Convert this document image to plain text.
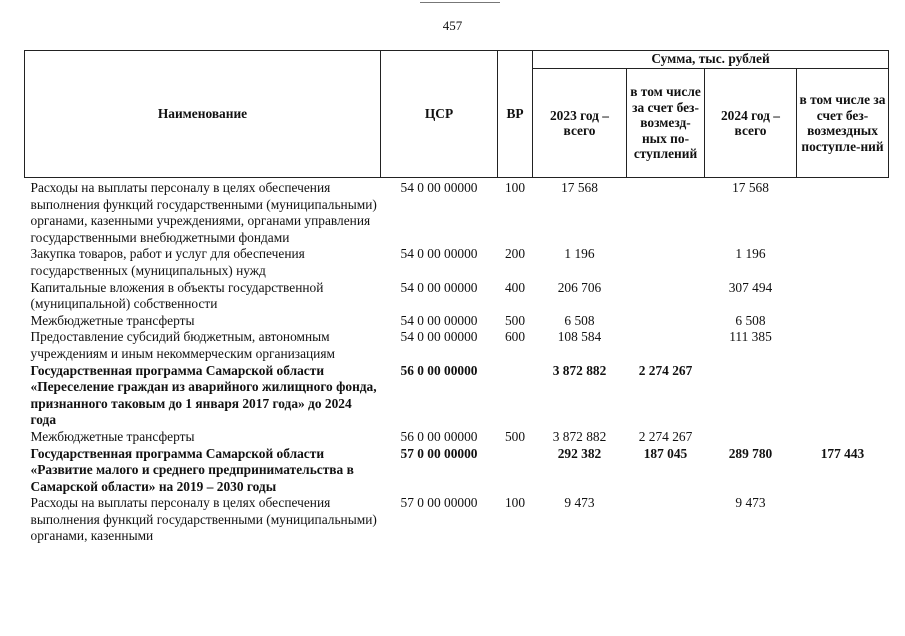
457
Наименование	ЦСР	ВР	Сумма, тыс. рублей			
			2023 год – всего	в том числе за счет без-возмезд-ных по-ступлений	2024 год – всего	в том числе за счет без-возмездных поступле-ний
Расходы на выплаты персоналу в целях обеспечения выполнения функций государственными (муниципальными) органами, казенными учреждениями, органами управления государственными внебюджетными фондами	54 0 00 00000	100	17 568		17 568	
Закупка товаров, работ и услуг для обеспечения государственных (муниципальных) нужд	54 0 00 00000	200	1 196		1 196	
Капитальные вложения в объекты государственной (муниципальной) собственности	54 0 00 00000	400	206 706		307 494	
Межбюджетные трансферты	54 0 00 00000	500	6 508		6 508	
Предоставление субсидий бюджетным, автономным учреждениям и иным некоммерческим организациям	54 0 00 00000	600	108 584		111 385	
Государственная программа Самарской области «Переселение граждан из аварийного жилищного фонда, признанного таковым до 1 января 2017 года» до 2024 года	56 0 00 00000		3 872 882	2 274 267		
Межбюджетные трансферты	56 0 00 00000	500	3 872 882	2 274 267		
Государственная программа Самарской области «Развитие малого и среднего предпринимательства в Самарской области» на 2019 – 2030 годы	57 0 00 00000		292 382	187 045	289 780	177 443
Расходы на выплаты персоналу в целях обеспечения выполнения функций государственными (муниципальными) органами, казенными	57 0 00 00000	100	9 473		9 473	
